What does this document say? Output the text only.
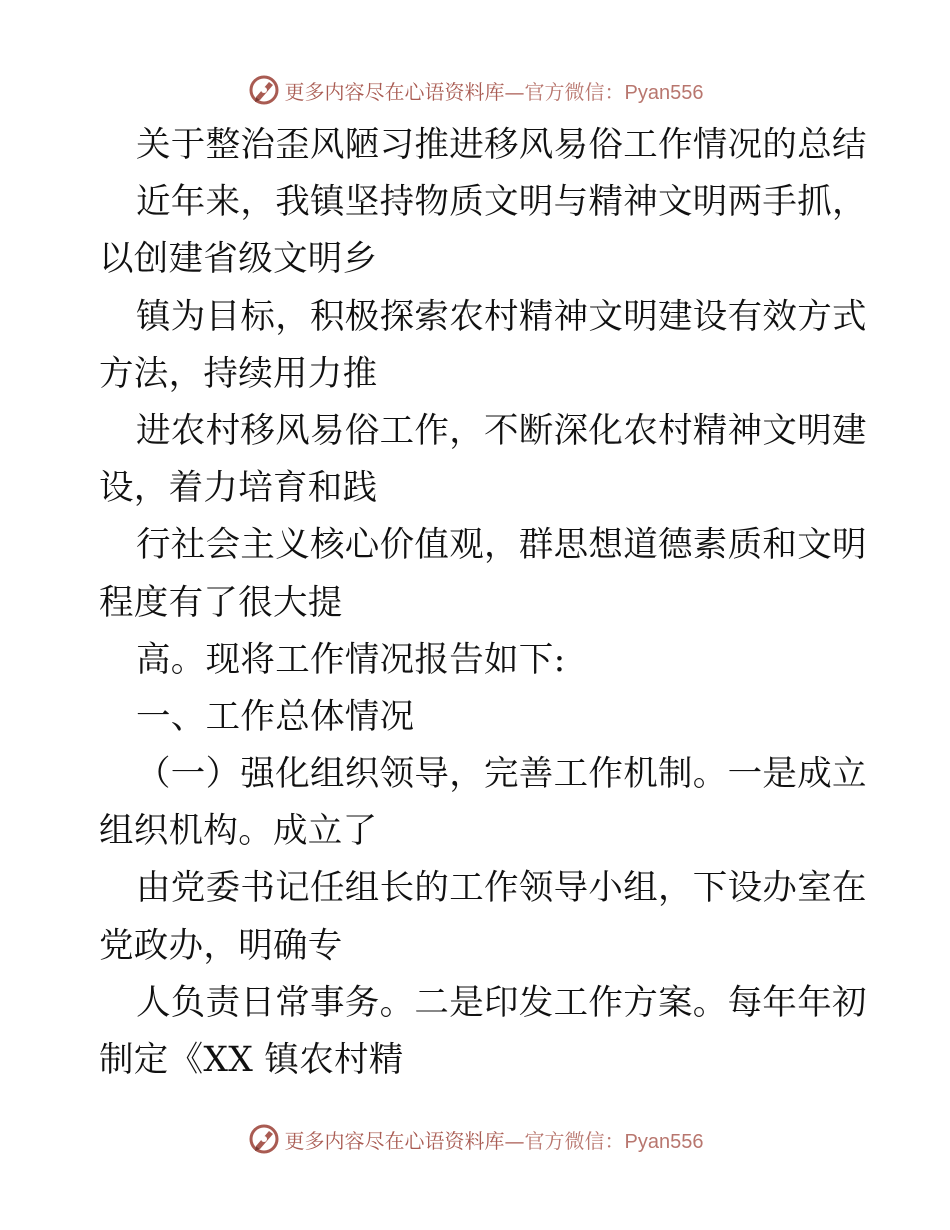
更多内容尽在心语资料库—官方微信：Pyan556
关于整治歪风陋习推进移风易俗工作情况的总结
近年来，我镇坚持物质文明与精神文明两手抓，
以创建省级文明乡
镇为目标，积极探索农村精神文明建设有效方式
方法，持续用力推
进农村移风易俗工作，不断深化农村精神文明建
设，着力培育和践
行社会主义核心价值观，群思想道德素质和文明
程度有了很大提
高。现将工作情况报告如下:
一、工作总体情况
（一）强化组织领导，完善工作机制。一是成立
组织机构。成立了
由党委书记任组长的工作领导小组，下设办室在
党政办，明确专
人负责日常事务。二是印发工作方案。每年年初
制定《XX 镇农村精
更多内容尽在心语资料库—官方微信：Pyan556
